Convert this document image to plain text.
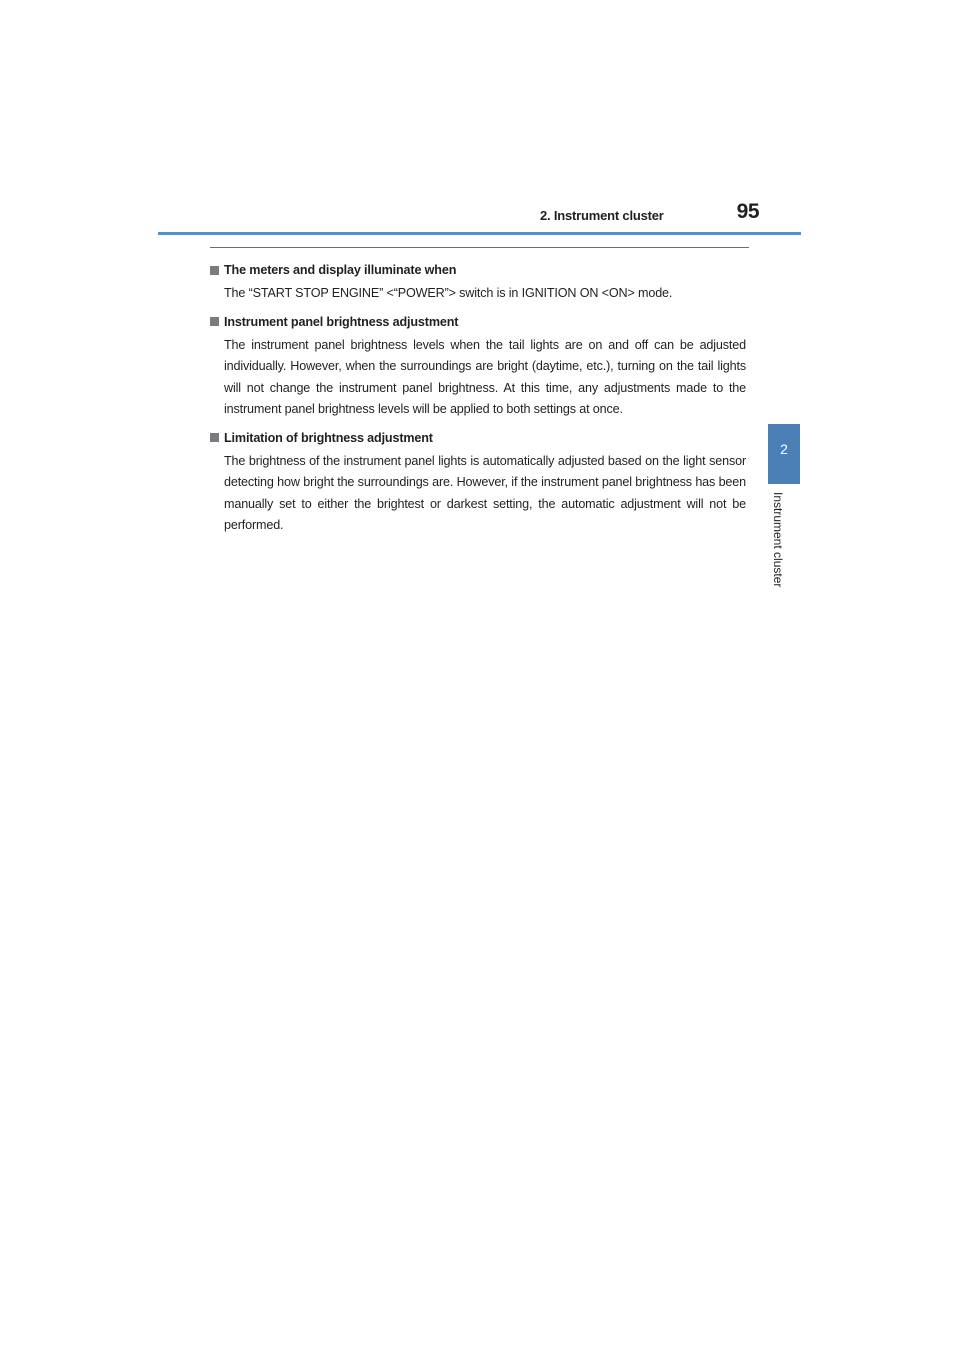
2. Instrument cluster	95
2
Instrument cluster
The meters and display illuminate when
The “START STOP ENGINE” <“POWER”> switch is in IGNITION ON <ON> mode.
Instrument panel brightness adjustment
The instrument panel brightness levels when the tail lights are on and off can be adjusted individually. However, when the surroundings are bright (daytime, etc.), turning on the tail lights will not change the instrument panel brightness. At this time, any adjustments made to the instrument panel brightness levels will be applied to both settings at once.
Limitation of brightness adjustment
The brightness of the instrument panel lights is automatically adjusted based on the light sensor detecting how bright the surroundings are. However, if the instrument panel brightness has been manually set to either the brightest or darkest setting, the automatic adjustment will not be performed.
